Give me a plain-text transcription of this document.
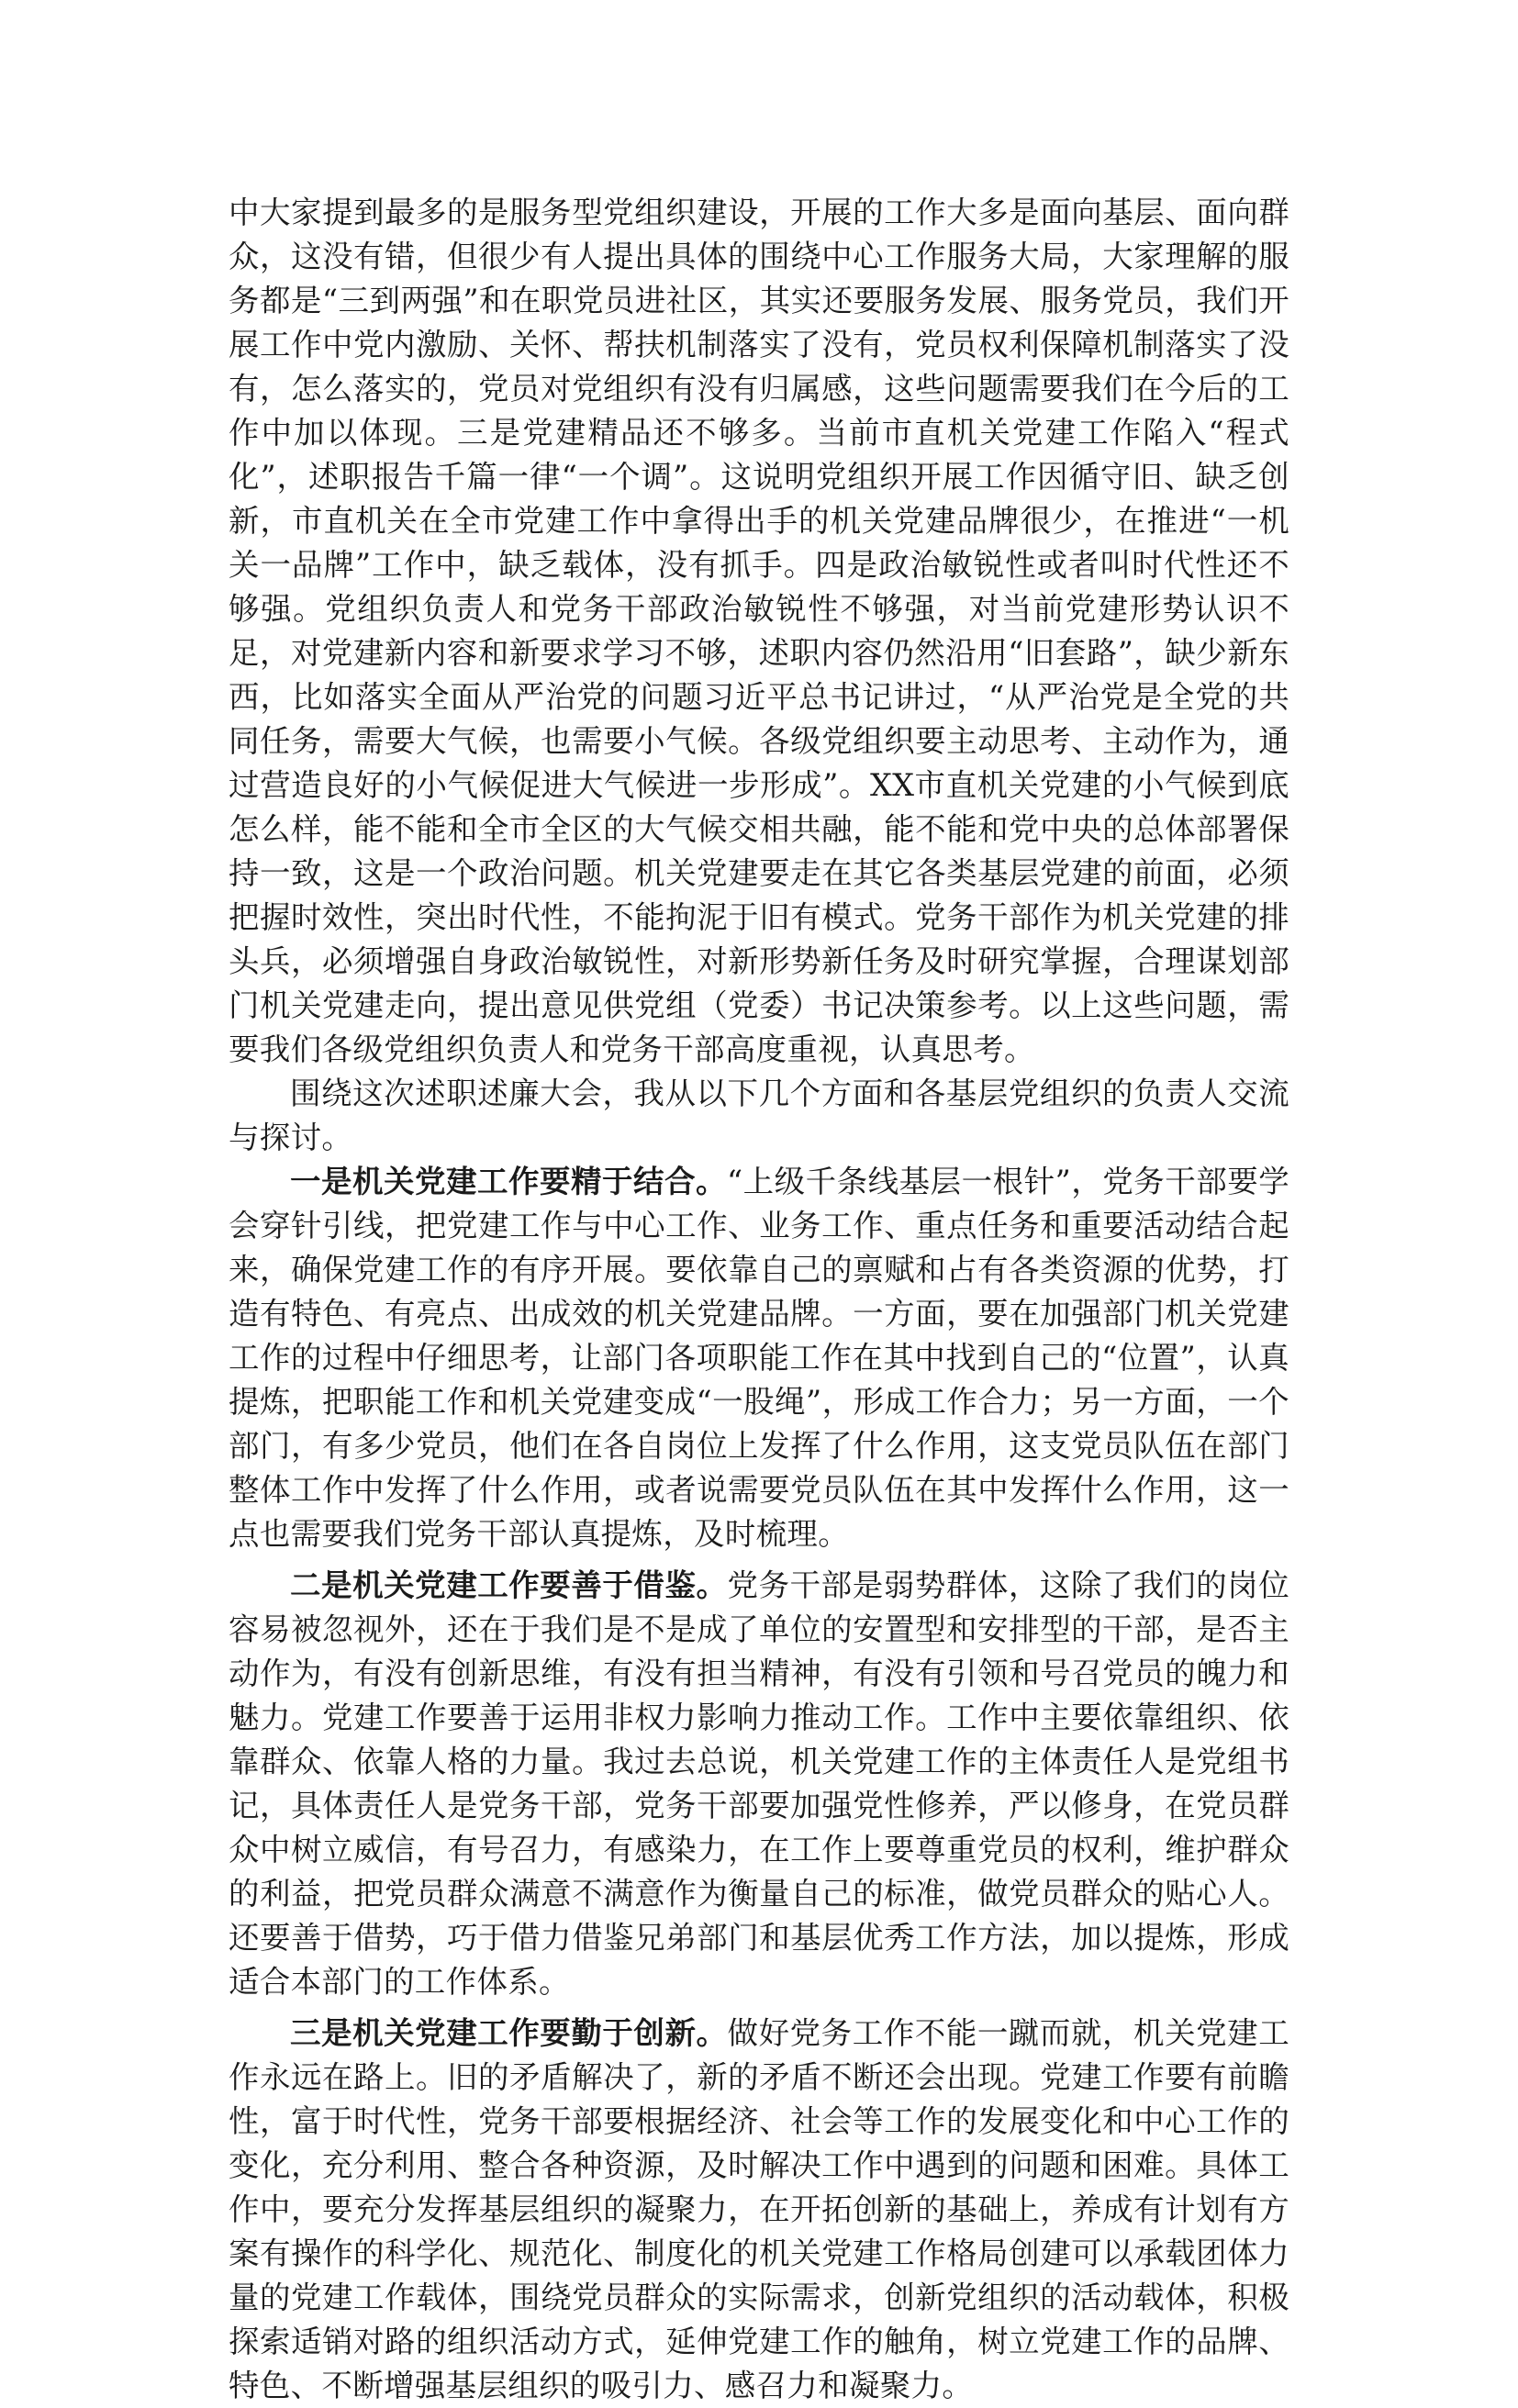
中大家提到最多的是服务型党组织建设，开展的工作大多是面向基层、面向群众，这没有错，但很少有人提出具体的围绕中心工作服务大局，大家理解的服务都是“三到两强”和在职党员进社区，其实还要服务发展、服务党员，我们开展工作中党内激励、关怀、帮扶机制落实了没有，党员权利保障机制落实了没有，怎么落实的，党员对党组织有没有归属感，这些问题需要我们在今后的工作中加以体现。三是党建精品还不够多。当前市直机关党建工作陷入“程式化”，述职报告千篇一律“一个调”。这说明党组织开展工作因循守旧、缺乏创新，市直机关在全市党建工作中拿得出手的机关党建品牌很少，在推进“一机关一品牌”工作中，缺乏载体，没有抓手。四是政治敏锐性或者叫时代性还不够强。党组织负责人和党务干部政治敏锐性不够强，对当前党建形势认识不足，对党建新内容和新要求学习不够，述职内容仍然沿用“旧套路”，缺少新东西，比如落实全面从严治党的问题习近平总书记讲过，“从严治党是全党的共同任务，需要大气候，也需要小气候。各级党组织要主动思考、主动作为，通过营造良好的小气候促进大气候进一步形成”。XX市直机关党建的小气候到底怎么样，能不能和全市全区的大气候交相共融，能不能和党中央的总体部署保持一致，这是一个政治问题。机关党建要走在其它各类基层党建的前面，必须把握时效性，突出时代性，不能拘泥于旧有模式。党务干部作为机关党建的排头兵，必须增强自身政治敏锐性，对新形势新任务及时研究掌握，合理谋划部门机关党建走向，提出意见供党组（党委）书记决策参考。以上这些问题，需要我们各级党组织负责人和党务干部高度重视，认真思考。

围绕这次述职述廉大会，我从以下几个方面和各基层党组织的负责人交流与探讨。

一是机关党建工作要精于结合。“上级千条线基层一根针”，党务干部要学会穿针引线，把党建工作与中心工作、业务工作、重点任务和重要活动结合起来，确保党建工作的有序开展。要依靠自己的禀赋和占有各类资源的优势，打造有特色、有亮点、出成效的机关党建品牌。一方面，要在加强部门机关党建工作的过程中仔细思考，让部门各项职能工作在其中找到自己的“位置”，认真提炼，把职能工作和机关党建变成“一股绳”，形成工作合力；另一方面，一个部门，有多少党员，他们在各自岗位上发挥了什么作用，这支党员队伍在部门整体工作中发挥了什么作用，或者说需要党员队伍在其中发挥什么作用，这一点也需要我们党务干部认真提炼，及时梳理。

二是机关党建工作要善于借鉴。党务干部是弱势群体，这除了我们的岗位容易被忽视外，还在于我们是不是成了单位的安置型和安排型的干部，是否主动作为，有没有创新思维，有没有担当精神，有没有引领和号召党员的魄力和魅力。党建工作要善于运用非权力影响力推动工作。工作中主要依靠组织、依靠群众、依靠人格的力量。我过去总说，机关党建工作的主体责任人是党组书记，具体责任人是党务干部，党务干部要加强党性修养，严以修身，在党员群众中树立威信，有号召力，有感染力，在工作上要尊重党员的权利，维护群众的利益，把党员群众满意不满意作为衡量自己的标准，做党员群众的贴心人。还要善于借势，巧于借力借鉴兄弟部门和基层优秀工作方法，加以提炼，形成适合本部门的工作体系。

三是机关党建工作要勤于创新。做好党务工作不能一蹴而就，机关党建工作永远在路上。旧的矛盾解决了，新的矛盾不断还会出现。党建工作要有前瞻性，富于时代性，党务干部要根据经济、社会等工作的发展变化和中心工作的变化，充分利用、整合各种资源，及时解决工作中遇到的问题和困难。具体工作中，要充分发挥基层组织的凝聚力，在开拓创新的基础上，养成有计划有方案有操作的科学化、规范化、制度化的机关党建工作格局创建可以承载团体力量的党建工作载体，围绕党员群众的实际需求，创新党组织的活动载体，积极探索适销对路的组织活动方式，延伸党建工作的触角，树立党建工作的品牌、特色、不断增强基层组织的吸引力、感召力和凝聚力。
